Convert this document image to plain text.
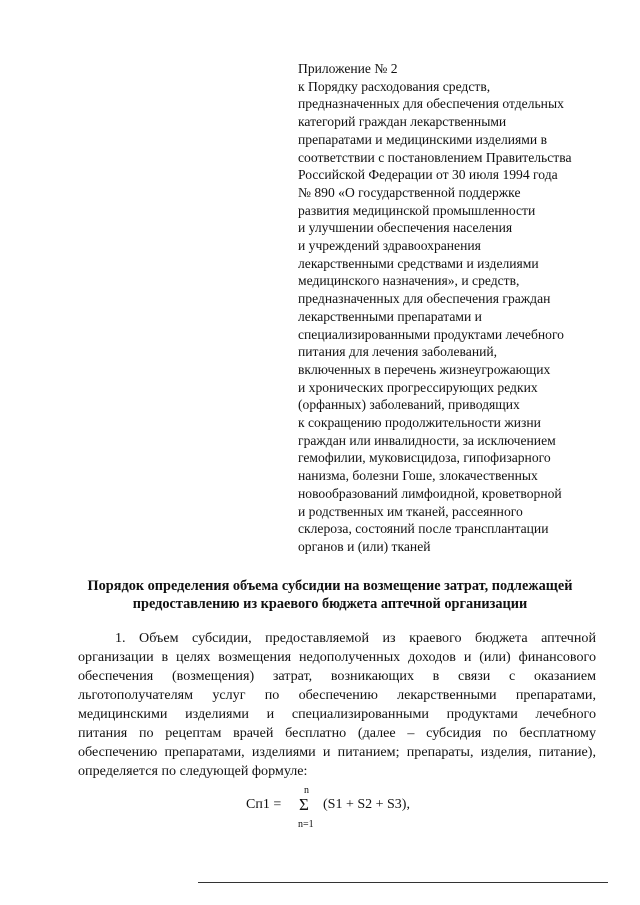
Приложение № 2
к Порядку расходования средств,
предназначенных для обеспечения отдельных
категорий граждан лекарственными
препаратами и медицинскими изделиями в
соответствии с постановлением Правительства
Российской Федерации от 30 июля 1994 года
№ 890 «О государственной поддержке
развития медицинской промышленности
и улучшении обеспечения населения
и учреждений здравоохранения
лекарственными средствами и изделиями
медицинского назначения», и средств,
предназначенных для обеспечения граждан
лекарственными препаратами и
специализированными продуктами лечебного
питания для лечения заболеваний,
включенных в перечень жизнеугрожающих
и хронических прогрессирующих редких
(орфанных) заболеваний, приводящих
к сокращению продолжительности жизни
граждан или инвалидности, за исключением
гемофилии, муковисцидоза, гипофизарного
нанизма, болезни Гоше, злокачественных
новообразований лимфоидной, кроветворной
и родственных им тканей, рассеянного
склероза, состояний после трансплантации
органов и (или) тканей
Порядок определения объема субсидии на возмещение затрат, подлежащей
предоставлению из краевого бюджета аптечной организации
1. Объем субсидии, предоставляемой из краевого бюджета аптечной
организации в целях возмещения недополученных доходов и (или) финансового
обеспечения (возмещения) затрат, возникающих в связи с оказанием
льготополучателям услуг по обеспечению лекарственными препаратами,
медицинскими изделиями и специализированными продуктами лечебного
питания по рецептам врачей бесплатно (далее – субсидия по бесплатному
обеспечению препаратами, изделиями и питанием; препараты, изделия, питание),
определяется по следующей формуле:
Cп1 =
n
Σ
n=1
(S1 + S2 + S3),
